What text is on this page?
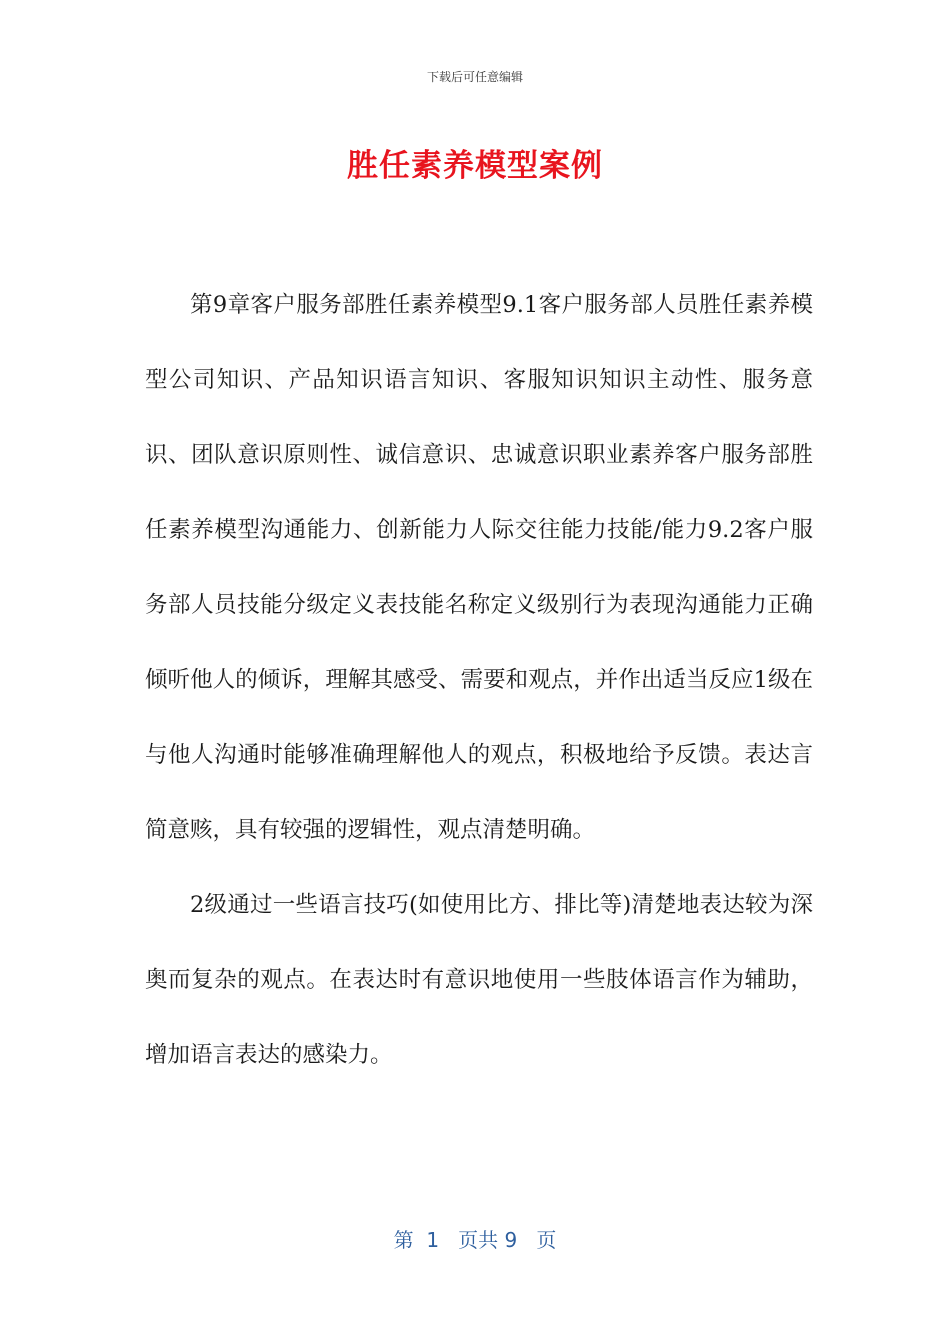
下载后可任意编辑
胜任素养模型案例

第9章客户服务部胜任素养模型9.1客户服务部人员胜任素养模型公司知识、产品知识语言知识、客服知识知识主动性、服务意识、团队意识原则性、诚信意识、忠诚意识职业素养客户服务部胜任素养模型沟通能力、创新能力人际交往能力技能/能力9.2客户服务部人员技能分级定义表技能名称定义级别行为表现沟通能力正确倾听他人的倾诉，理解其感受、需要和观点，并作出适当反应1级在与他人沟通时能够准确理解他人的观点，积极地给予反馈。表达言简意赅，具有较强的逻辑性，观点清楚明确。

2级通过一些语言技巧(如使用比方、排比等)清楚地表达较为深奥而复杂的观点。在表达时有意识地使用一些肢体语言作为辅助，增加语言表达的感染力。

第  1   页共 9   页
